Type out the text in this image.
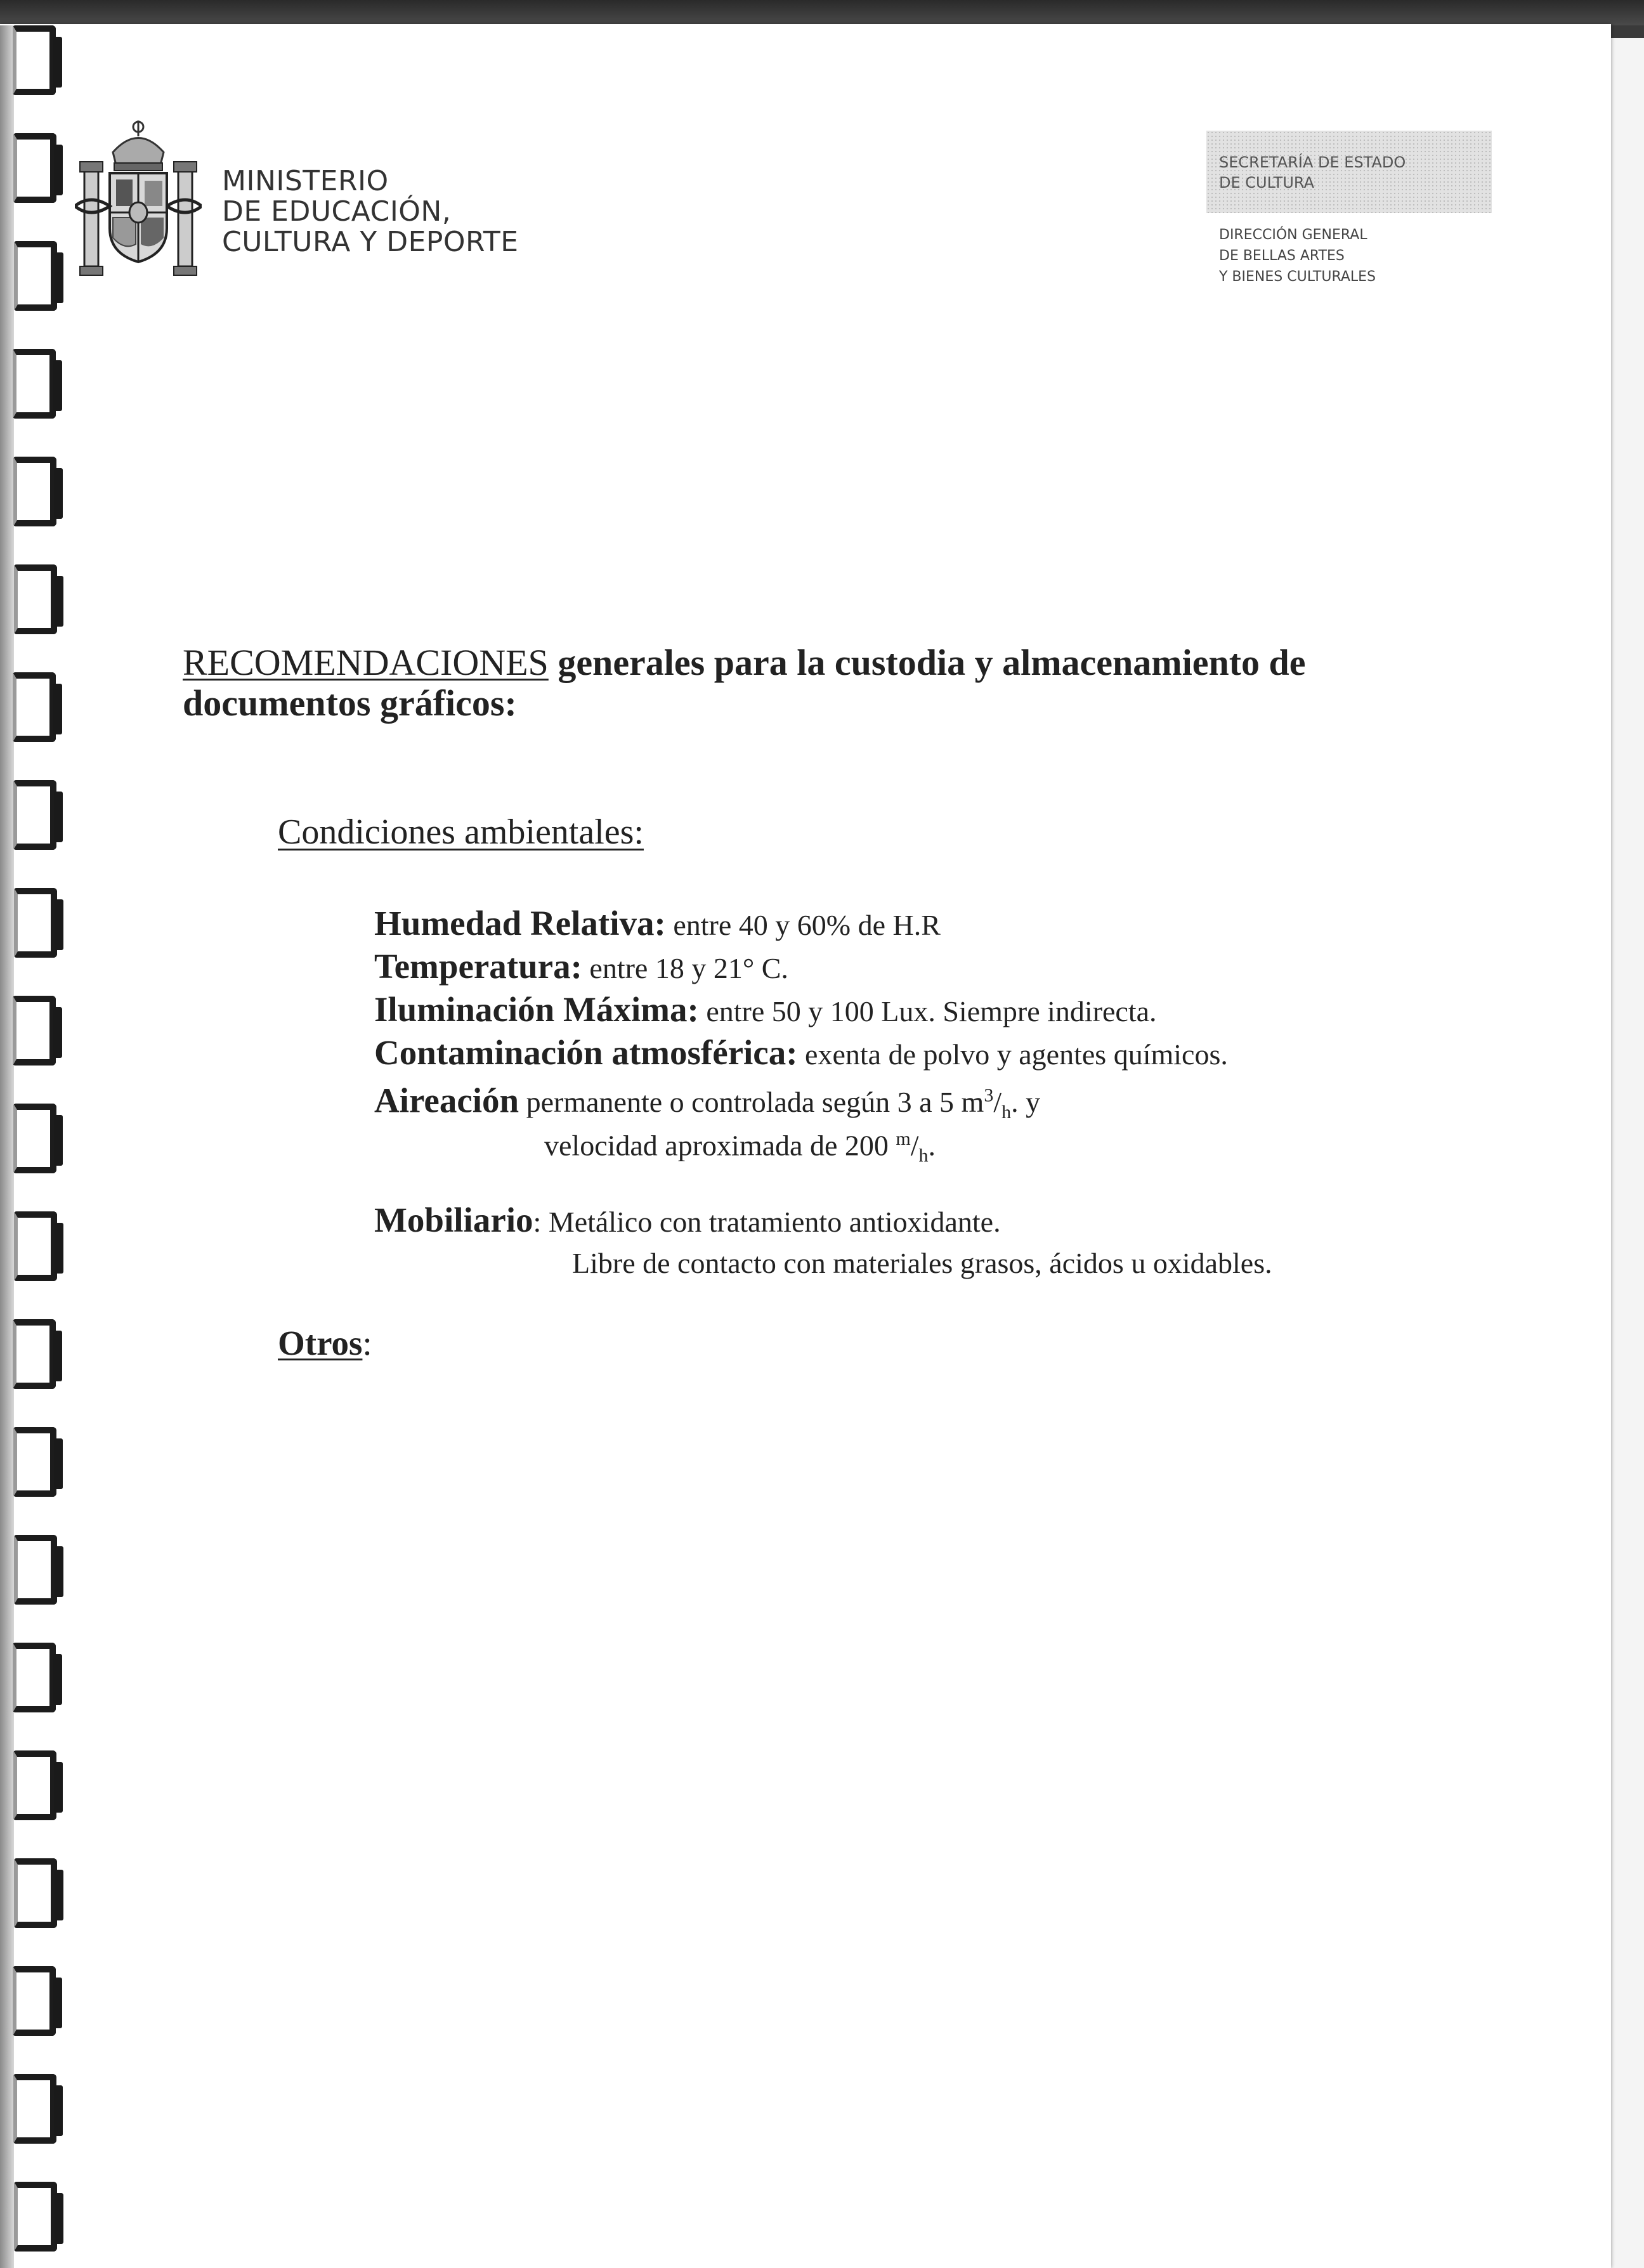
MINISTERIO
DE EDUCACIÓN,
CULTURA Y DEPORTE
SECRETARÍA DE ESTADO
DE CULTURA
DIRECCIÓN GENERAL
DE BELLAS ARTES
Y BIENES CULTURALES
RECOMENDACIONES generales para la custodia y almacenamiento de documentos gráficos:
Condiciones ambientales:
Humedad Relativa: entre 40 y 60% de H.R
Temperatura: entre 18 y 21° C.
Iluminación Máxima: entre 50 y 100 Lux. Siempre indirecta.
Contaminación atmosférica: exenta de polvo y agentes químicos.
Aireación permanente o controlada según 3 a 5 $m^3/_h$. y
velocidad aproximada de 200 $^m/_h$.
Mobiliario: Metálico con tratamiento antioxidante.
Libre de contacto con materiales grasos, ácidos u oxidables.
Otros:
